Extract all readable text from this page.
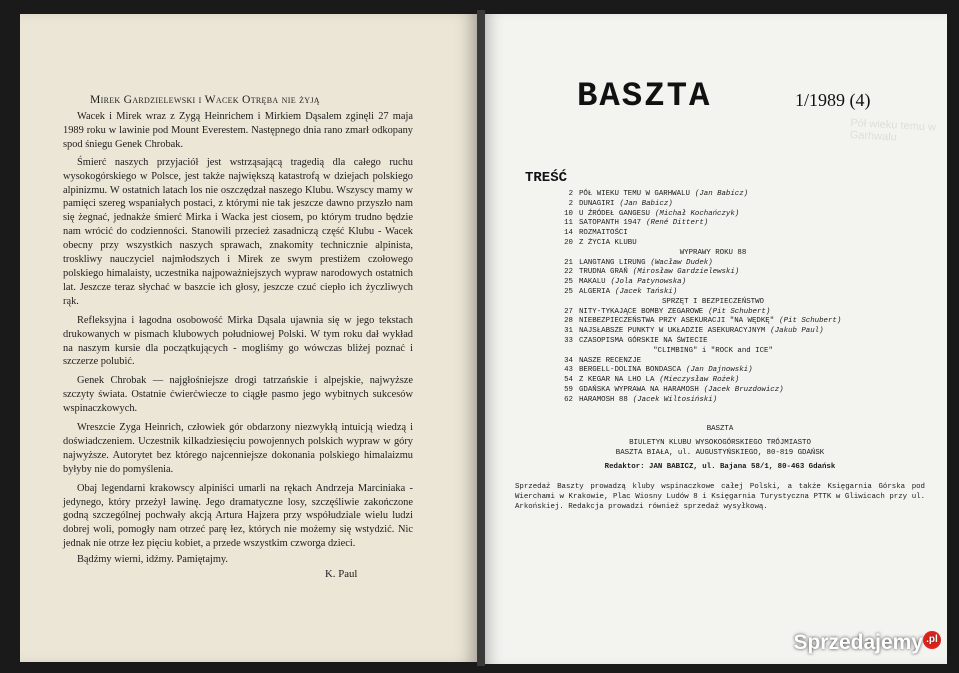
Mirek Gardzielewski i Wacek Otręba nie żyją

Wacek i Mirek wraz z Zygą Heinrichem i Mirkiem Dąsalem zginęli 27 maja 1989 roku w lawinie pod Mount Everestem. Następnego dnia rano zmarł odkopany spod śniegu Genek Chrobak.

Śmierć naszych przyjaciół jest wstrząsającą tragedią dla całego ruchu wysokogórskiego w Polsce, jest także największą katastrofą w dziejach polskiego alpinizmu. W ostatnich latach los nie oszczędzał naszego Klubu. Wszyscy mamy w pamięci szereg wspaniałych postaci, z którymi nie tak jeszcze dawno przyszło nam się żegnać, jednakże śmierć Mirka i Wacka jest ciosem, po którym trudno będzie nam wrócić do codzienności. Stanowili przecież zasadniczą część Klubu - Wacek obecny przy wszystkich naszych sprawach, znakomity technicznie alpinista, troskliwy nauczyciel najmłodszych i Mirek ze swym prestiżem czołowego polskiego himalaisty, uczestnika najpoważniejszych wypraw narodowych ostatnich lat. Jeszcze teraz słychać w baszcie ich głosy, jeszcze czuć ciepło ich życzliwych rąk.

Refleksyjna i łagodna osobowość Mirka Dąsala ujawnia się w jego tekstach drukowanych w pismach klubowych południowej Polski. W tym roku dał wykład na naszym kursie dla początkujących - mogliśmy go wówczas bliżej poznać i szczerze polubić.

Genek Chrobak — najgłośniejsze drogi tatrzańskie i alpejskie, najwyższe szczyty świata. Ostatnie ćwierćwiecze to ciągłe pasmo jego wybitnych sukcesów wspinaczkowych.

Wreszcie Zyga Heinrich, człowiek gór obdarzony niezwykłą intuicją wiedzą i doświadczeniem. Uczestnik kilkadziesięciu powojennych polskich wypraw w góry najwyższe. Autorytet bez którego najcenniejsze dokonania polskiego himalaizmu byłyby nie do pomyślenia.

Obaj legendarni krakowscy alpiniści umarli na rękach Andrzeja Marciniaka - jedynego, który przeżył lawinę. Jego dramatyczne losy, szczęśliwie zakończone godną szczególnej pochwały akcją Artura Hajzera przy współudziale wielu ludzi dobrej woli, pomogły nam otrzeć parę łez, których nie możemy się wstydzić. Nic jednak nie otrze łez pięciu kobiet, a przede wszystkim czworga dzieci.

Bądźmy wierni, idźmy. Pamiętajmy.

K. Paul
Pół wieku temu w Garhwalu
BASZTA	1/1989 (4)
TREŚĆ
2 PÓŁ WIEKU TEMU W GARHWALU (Jan Babicz)
2 DUNAGIRI (Jan Babicz)
10 U ŹRÓDEŁ GANGESU (Michał Kochańczyk)
11 SATOPANTH 1947 (René Dittert)
14 ROZMAITOŚCI
20 Z ŻYCIA KLUBU
WYPRAWY ROKU 88
21 LANGTANG LIRUNG (Wacław Dudek)
22 TRUDNA GRAŃ (Mirosław Gardzielewski)
25 MAKALU (Jola Patynowska)
25 ALGERIA (Jacek Tański)
SPRZĘT I BEZPIECZEŃSTWO
27 NITY-TYKAJĄCE BOMBY ZEGAROWE (Pit Schubert)
28 NIEBEZPIECZEŃSTWA PRZY ASEKURACJI "NA WĘDKĘ" (Pit Schubert)
31 NAJSŁABSZE PUNKTY W UKŁADZIE ASEKURACYJNYM (Jakub Paul)
33 CZASOPISMA GÓRSKIE NA ŚWIECIE
"CLIMBING" i "ROCK and ICE"
34 NASZE RECENZJE
43 BERGELL-DOLINA BONDASCA (Jan Dajnowski)
54 Z KEGAR NA LHO LA (Mieczysław Rożek)
59 GDAŃSKA WYPRAWA NA HARAMOSH (Jacek Bruzdowicz)
62 HARAMOSH 88 (Jacek Wiltosiński)
BASZTA
BIULETYN KLUBU WYSOKOGÓRSKIEGO TRÓJMIASTO
BASZTA BIAŁA, ul. AUGUSTYŃSKIEGO, 80-819 GDAŃSK
Redaktor: JAN BABICZ, ul. Bajana 58/1, 80-463 Gdańsk
Sprzedaż Baszty prowadzą kluby wspinaczkowe całej Polski, a także Księgarnia Górska pod Wierchami w Krakowie, Plac Wiosny Ludów 8 i Księgarnia Turystyczna PTTK w Gliwicach przy ul. Arkońskiej. Redakcja prowadzi również sprzedaż wysyłkową.
Sprzedajemy .pl
